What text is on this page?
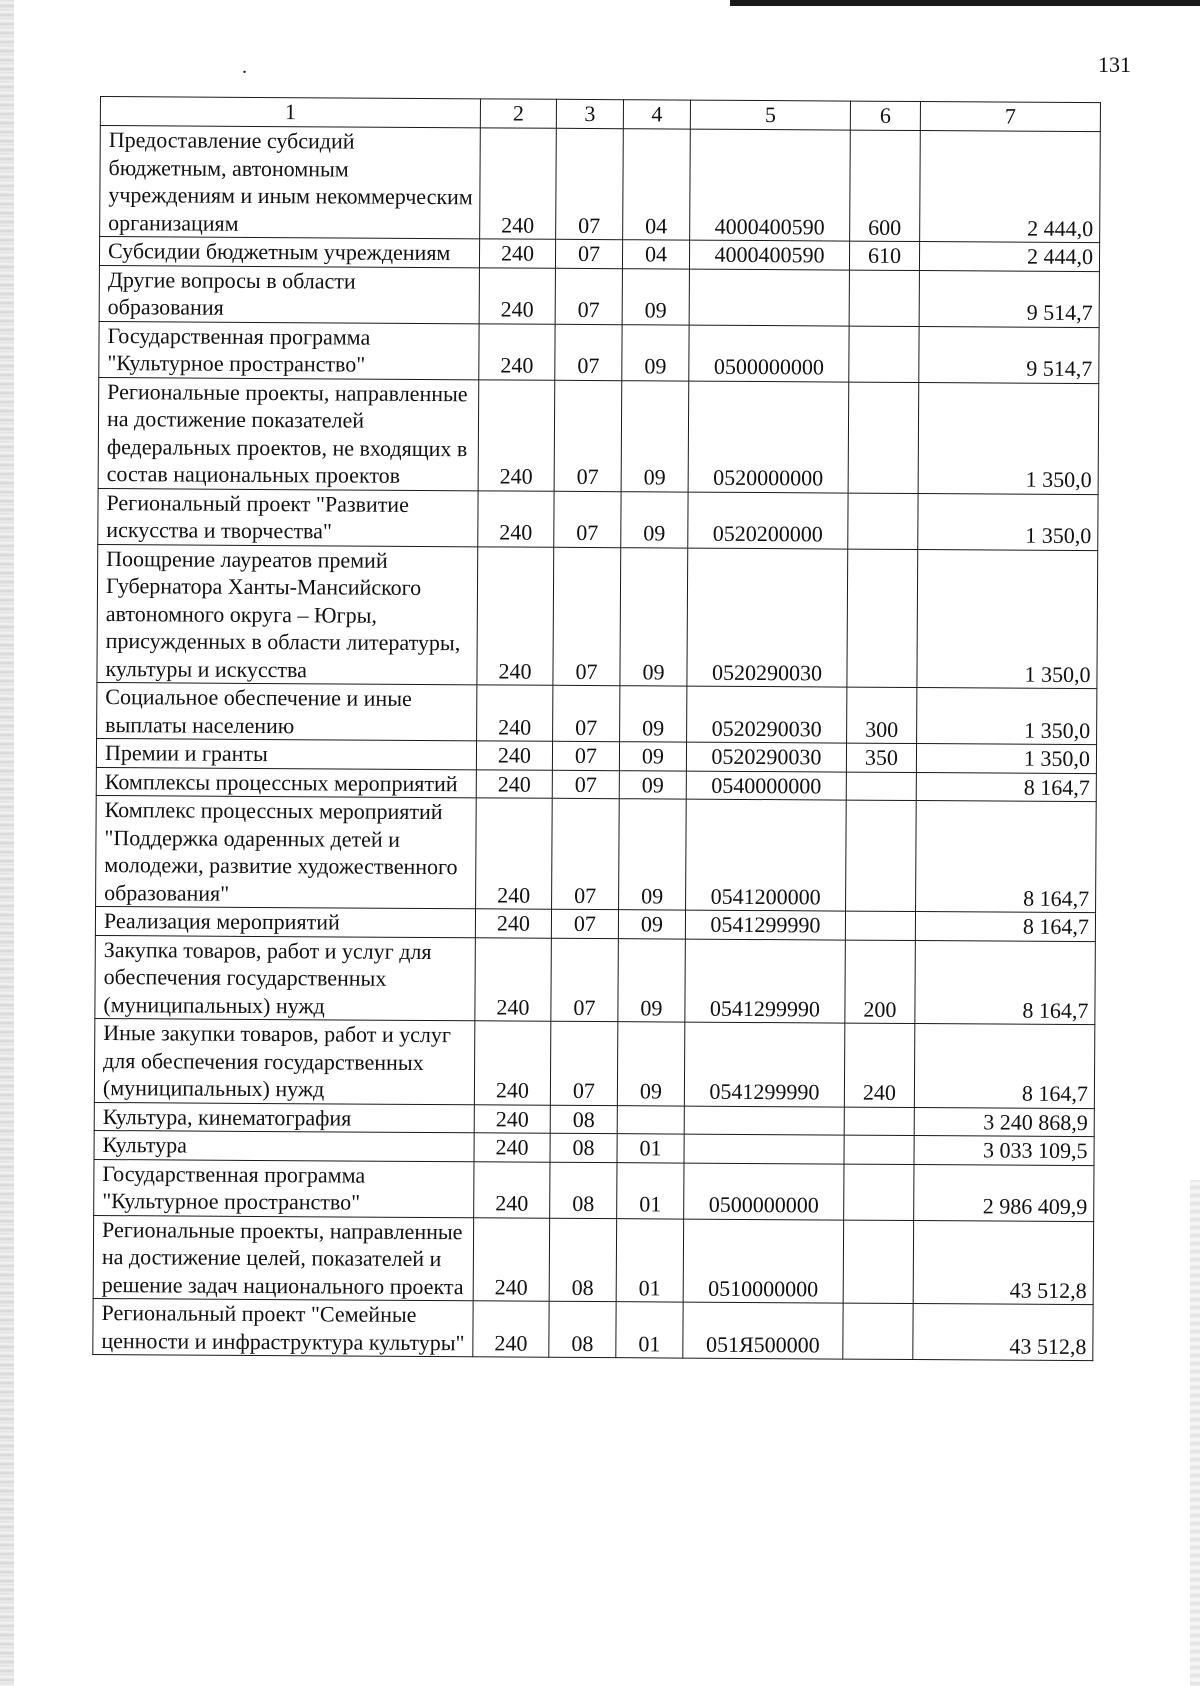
.	131
1	2	3	4	5	6	7
Предоставление субсидий бюджетным, автономным учреждениям и иным некоммерческим организациям	240	07	04	4000400590	600	2 444,0
Субсидии бюджетным учреждениям	240	07	04	4000400590	610	2 444,0
Другие вопросы в области образования	240	07	09			9 514,7
Государственная программа "Культурное пространство"	240	07	09	0500000000		9 514,7
Региональные проекты, направленные на достижение показателей федеральных проектов, не входящих в состав национальных проектов	240	07	09	0520000000		1 350,0
Региональный проект "Развитие искусства и творчества"	240	07	09	0520200000		1 350,0
Поощрение лауреатов премий Губернатора Ханты-Мансийского автономного округа – Югры, присужденных в области литературы, культуры и искусства	240	07	09	0520290030		1 350,0
Социальное обеспечение и иные выплаты населению	240	07	09	0520290030	300	1 350,0
Премии и гранты	240	07	09	0520290030	350	1 350,0
Комплексы процессных мероприятий	240	07	09	0540000000		8 164,7
Комплекс процессных мероприятий "Поддержка одаренных детей и молодежи, развитие художественного образования"	240	07	09	0541200000		8 164,7
Реализация мероприятий	240	07	09	0541299990		8 164,7
Закупка товаров, работ и услуг для обеспечения государственных (муниципальных) нужд	240	07	09	0541299990	200	8 164,7
Иные закупки товаров, работ и услуг для обеспечения государственных (муниципальных) нужд	240	07	09	0541299990	240	8 164,7
Культура, кинематография	240	08				3 240 868,9
Культура	240	08	01			3 033 109,5
Государственная программа "Культурное пространство"	240	08	01	0500000000		2 986 409,9
Региональные проекты, направленные на достижение целей, показателей и решение задач национального проекта	240	08	01	0510000000		43 512,8
Региональный проект "Семейные ценности и инфраструктура культуры"	240	08	01	051Я500000		43 512,8
